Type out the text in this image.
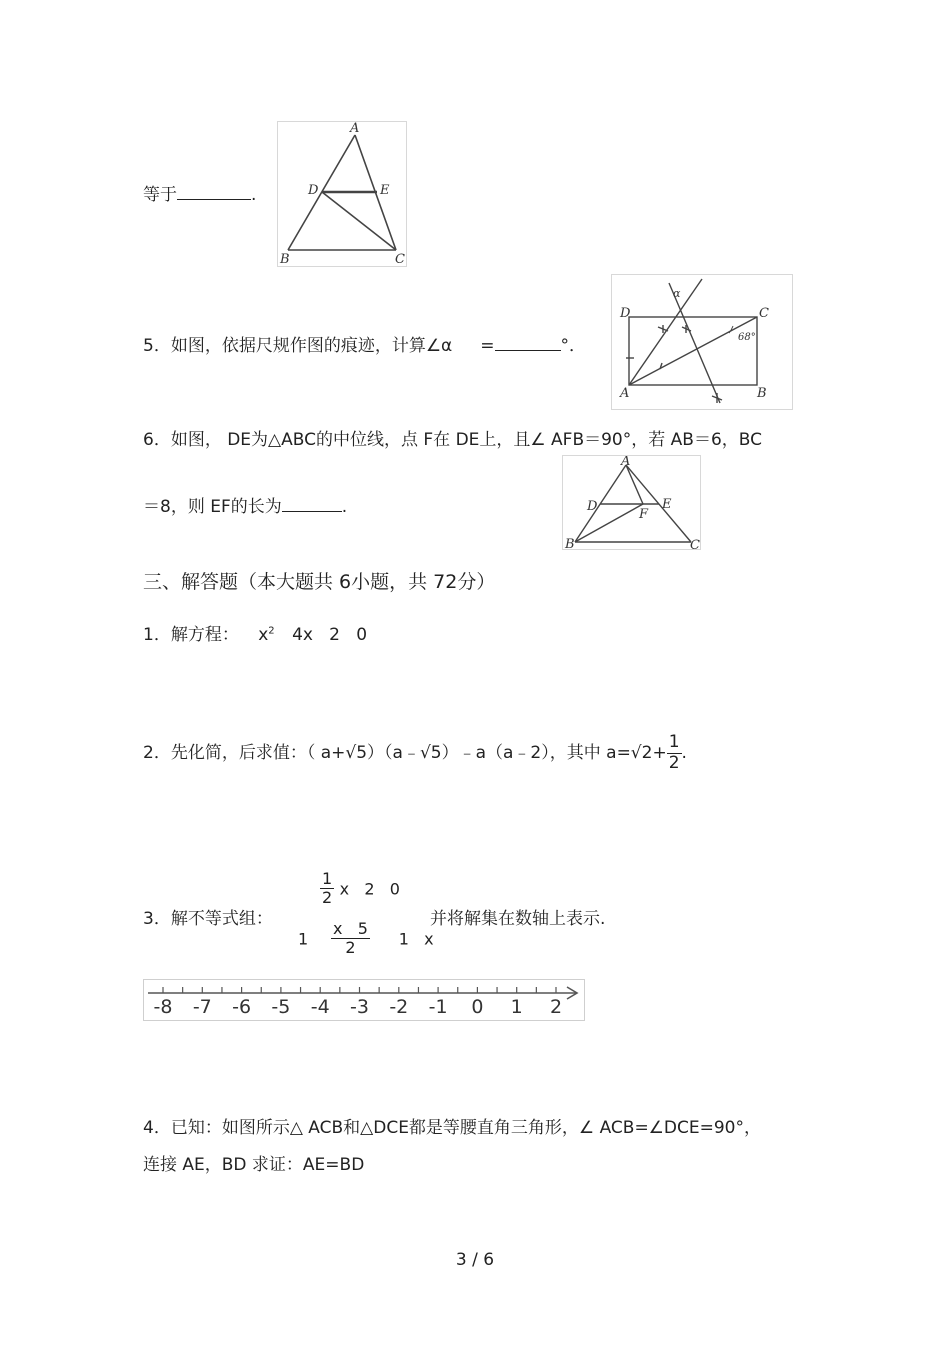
等于	.
A
D	E
B	C
5．如图，依据尺规作图的痕迹，计算∠α =	°．
D	C
A	B
α
68°
6．如图， DE为△ABC的中位线，点 F在 DE上，且∠ AFB＝90°，若 AB＝6，BC
＝8，则 EF的长为	.
A
D	E
F
B	C
三、解答题（本大题共 6小题，共 72分）
1．解方程： $x^2$ 4x   2   0
2．先化简，后求值：（ a+√5）（a﹣√5）﹣a（a﹣2），其中 $a=√2+ \frac{1}{2}$ .
3．解不等式组：
$\frac{1}{2}$ x   2   0
$1 \frac{x 5}{2} 1$   x
并将解集在数轴上表示.
-8 -7 -6 -5 -4 -3 -2 -1 0 1 2
4．已知：如图所示△ ACB和△DCE都是等腰直角三角形，∠ ACB=∠DCE=90°，
连接 AE，BD 求证：AE=BD
3 / 6
